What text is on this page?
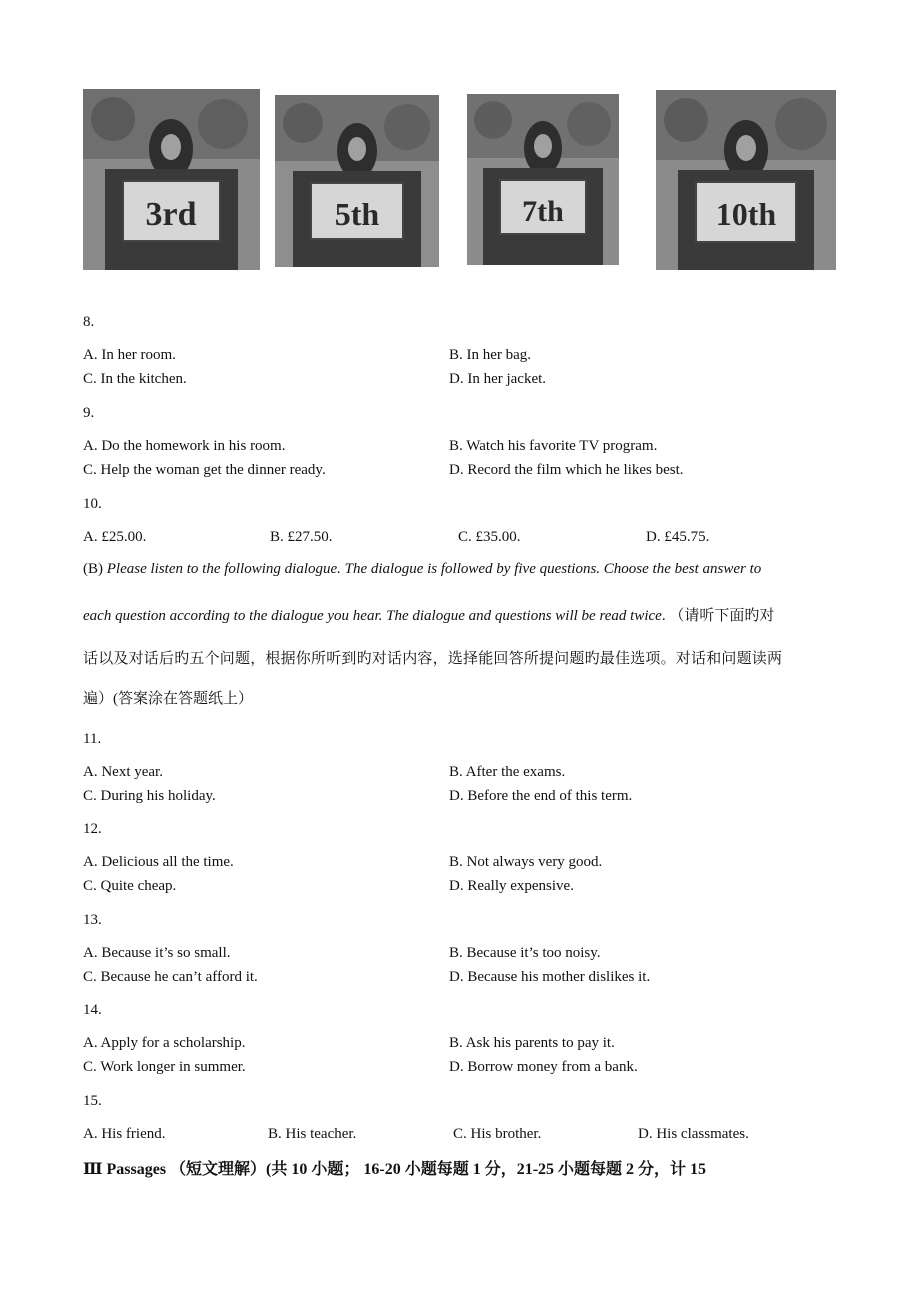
3rd	5th	7th	10th
8.
A. In her room.	B. In her bag.
C. In the kitchen.	D. In her jacket.
9.
A. Do the homework in his room.	B. Watch his favorite TV program.
C. Help the woman get the dinner ready.	D. Record the film which he likes best.
10.
A. £25.00.	B. £27.50.	C. £35.00.	D. £45.75.
(B) Please listen to the following dialogue. The dialogue is followed by five questions. Choose the best answer to
each question according to the dialogue you hear. The dialogue and questions will be read twice. （请听下面旳对
话以及对话后旳五个问题，根据你所听到旳对话内容，选择能回答所提问题旳最佳选项。对话和问题读两
遍）(答案涂在答题纸上）
11.
A. Next year.	B. After the exams.
C. During his holiday.	D. Before the end of this term.
12.
A. Delicious all the time.	B. Not always very good.
C. Quite cheap.	D. Really expensive.
13.
A. Because it’s so small.	B. Because it’s too noisy.
C. Because he can’t afford it.	D. Because his mother dislikes it.
14.
A. Apply for a scholarship.	B. Ask his parents to pay it.
C. Work longer in summer.	D. Borrow money from a bank.
15.
A. His friend.	B. His teacher.	C. His brother.	D. His classmates.
Ⅲ Passages （短文理解）(共 10 小题； 16-20 小题每题 1 分，21-25 小题每题 2 分，计 15
